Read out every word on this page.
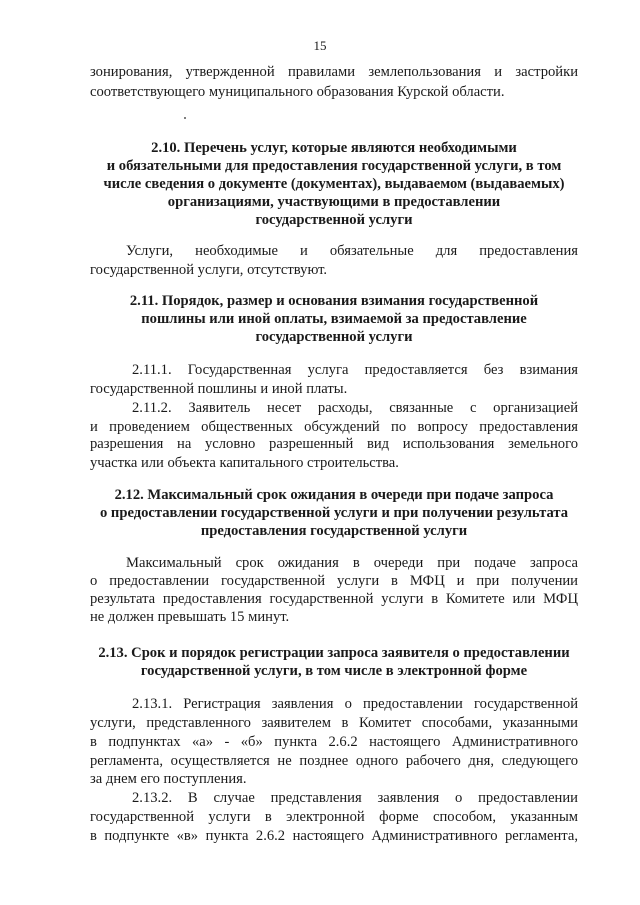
15
зонирования, утвержденной правилами землепользования и застройки
соответствующего муниципального образования Курской области.
2.10. Перечень услуг, которые являются необходимыми
и обязательными для предоставления государственной услуги, в том
числе сведения о документе (документах), выдаваемом (выдаваемых)
организациями, участвующими в предоставлении
государственной услуги
Услуги, необходимые и обязательные для предоставления
государственной услуги, отсутствуют.
2.11. Порядок, размер и основания взимания государственной
пошлины или иной оплаты, взимаемой за предоставление
государственной услуги
2.11.1. Государственная услуга предоставляется без взимания
государственной пошлины и иной платы.
2.11.2. Заявитель несет расходы, связанные с организацией
и проведением общественных обсуждений по вопросу предоставления
разрешения на условно разрешенный вид использования земельного
участка или объекта капитального строительства.
2.12. Максимальный срок ожидания в очереди при подаче запроса
о предоставлении государственной услуги и при получении результата
предоставления государственной услуги
Максимальный срок ожидания в очереди при подаче запроса
о предоставлении государственной услуги в МФЦ и при получении
результата предоставления государственной услуги в Комитете или МФЦ
не должен превышать 15 минут.
2.13. Срок и порядок регистрации запроса заявителя о предоставлении
государственной услуги, в том числе в электронной форме
2.13.1. Регистрация заявления о предоставлении государственной
услуги, представленного заявителем в Комитет способами, указанными
в подпунктах «а» - «б» пункта 2.6.2 настоящего Административного
регламента, осуществляется не позднее одного рабочего дня, следующего
за днем его поступления.
2.13.2. В случае представления заявления о предоставлении
государственной услуги в электронной форме способом, указанным
в подпункте «в» пункта 2.6.2 настоящего Административного регламента,
